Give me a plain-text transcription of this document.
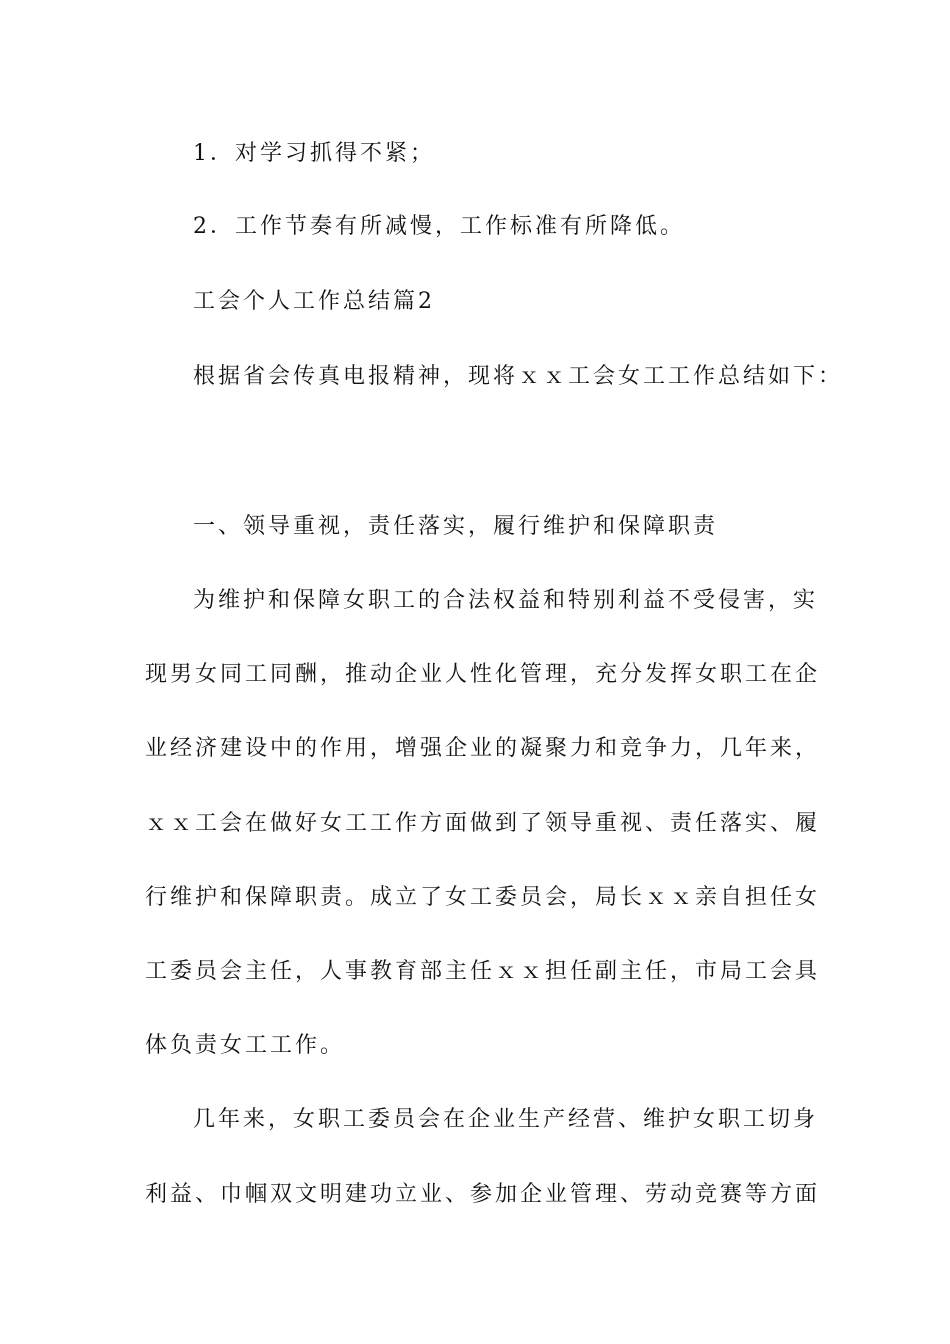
1．对学习抓得不紧；
2．工作节奏有所减慢，工作标准有所降低。
工会个人工作总结篇2
根据省会传真电报精神，现将ｘｘ工会女工工作总结如下：
一、领导重视，责任落实，履行维护和保障职责
为维护和保障女职工的合法权益和特别利益不受侵害，实
现男女同工同酬，推动企业人性化管理，充分发挥女职工在企
业经济建设中的作用，增强企业的凝聚力和竞争力，几年来，
ｘｘ工会在做好女工工作方面做到了领导重视、责任落实、履
行维护和保障职责。成立了女工委员会，局长ｘｘ亲自担任女
工委员会主任，人事教育部主任ｘｘ担任副主任，市局工会具
体负责女工工作。
几年来，女职工委员会在企业生产经营、维护女职工切身
利益、巾帼双文明建功立业、参加企业管理、劳动竞赛等方面
